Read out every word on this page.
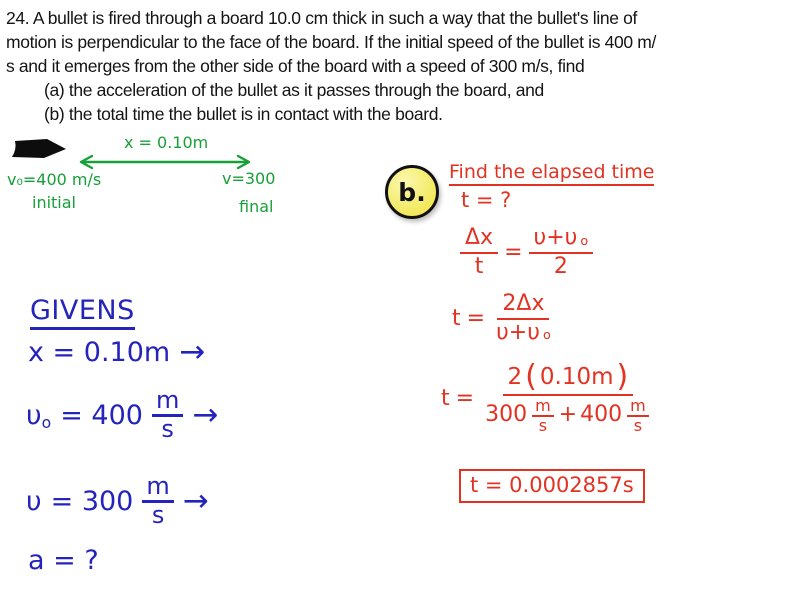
24. A bullet is fired through a board 10.0 cm thick in such a way that the bullet's line of
motion is perpendicular to the face of the board. If the initial speed of the bullet is 400 m/
s and it emerges from the other side of the board with a speed of 300 m/s, find
(a) the acceleration of the bullet as it passes through the board, and
(b) the total time the bullet is in contact with the board.
x = 0.10m
v₀=400 m/s
initial
v=300
final	b.
Find the elapsed time
t = ?
$\frac{\Delta x}{t} = \frac{\upsilon+\upsilon_o}{2}$
$t = \frac{2\Delta x}{\upsilon+\upsilon_o}$
t =
2 ( 0.10m )
300 m
s + 400 m
s
t = 0.0002857s
GIVENS
x = 0.10m →
$\upsilon_o = 400$ m
s →
υ = 300 m
s →
a = ?
